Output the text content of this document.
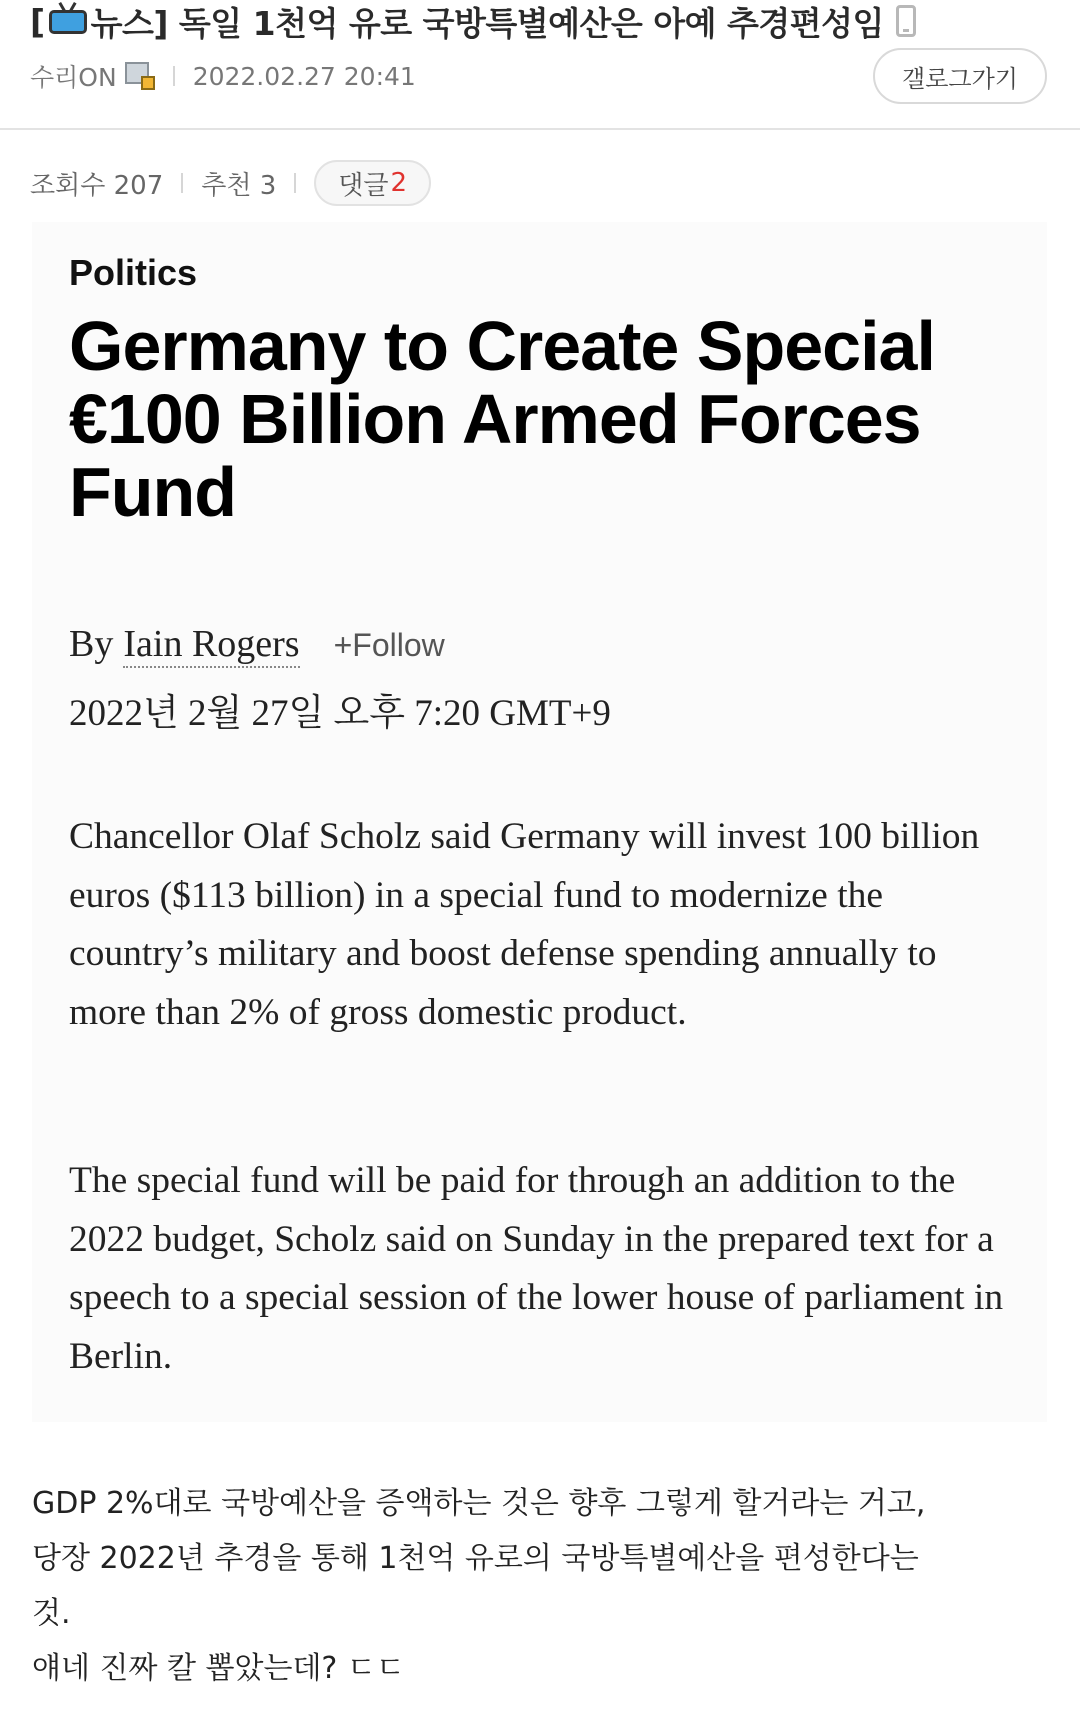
[ 뉴스] 독일 1천억 유로 국방특별예산은 아예 추경편성임
수리ON	2022.02.27 20:41	갤로그가기
조회수 207 추천 3 댓글 2
Politics
Germany to Create Special
€100 Billion Armed Forces
Fund
By Iain Rogers +Follow
2022년 2월 27일 오후 7:20 GMT+9
Chancellor Olaf Scholz said Germany will invest 100 billion euros ($113 billion) in a special fund to modernize the country’s military and boost defense spending annually to more than 2% of gross domestic product.
The special fund will be paid for through an addition to the 2022 budget, Scholz said on Sunday in the prepared text for a speech to a special session of the lower house of parliament in Berlin.
GDP 2%대로 국방예산을 증액하는 것은 향후 그렇게 할거라는 거고,
당장 2022년 추경을 통해 1천억 유로의 국방특별예산을 편성한다는
것.
얘네 진짜 칼 뽑았는데? ㄷㄷ
